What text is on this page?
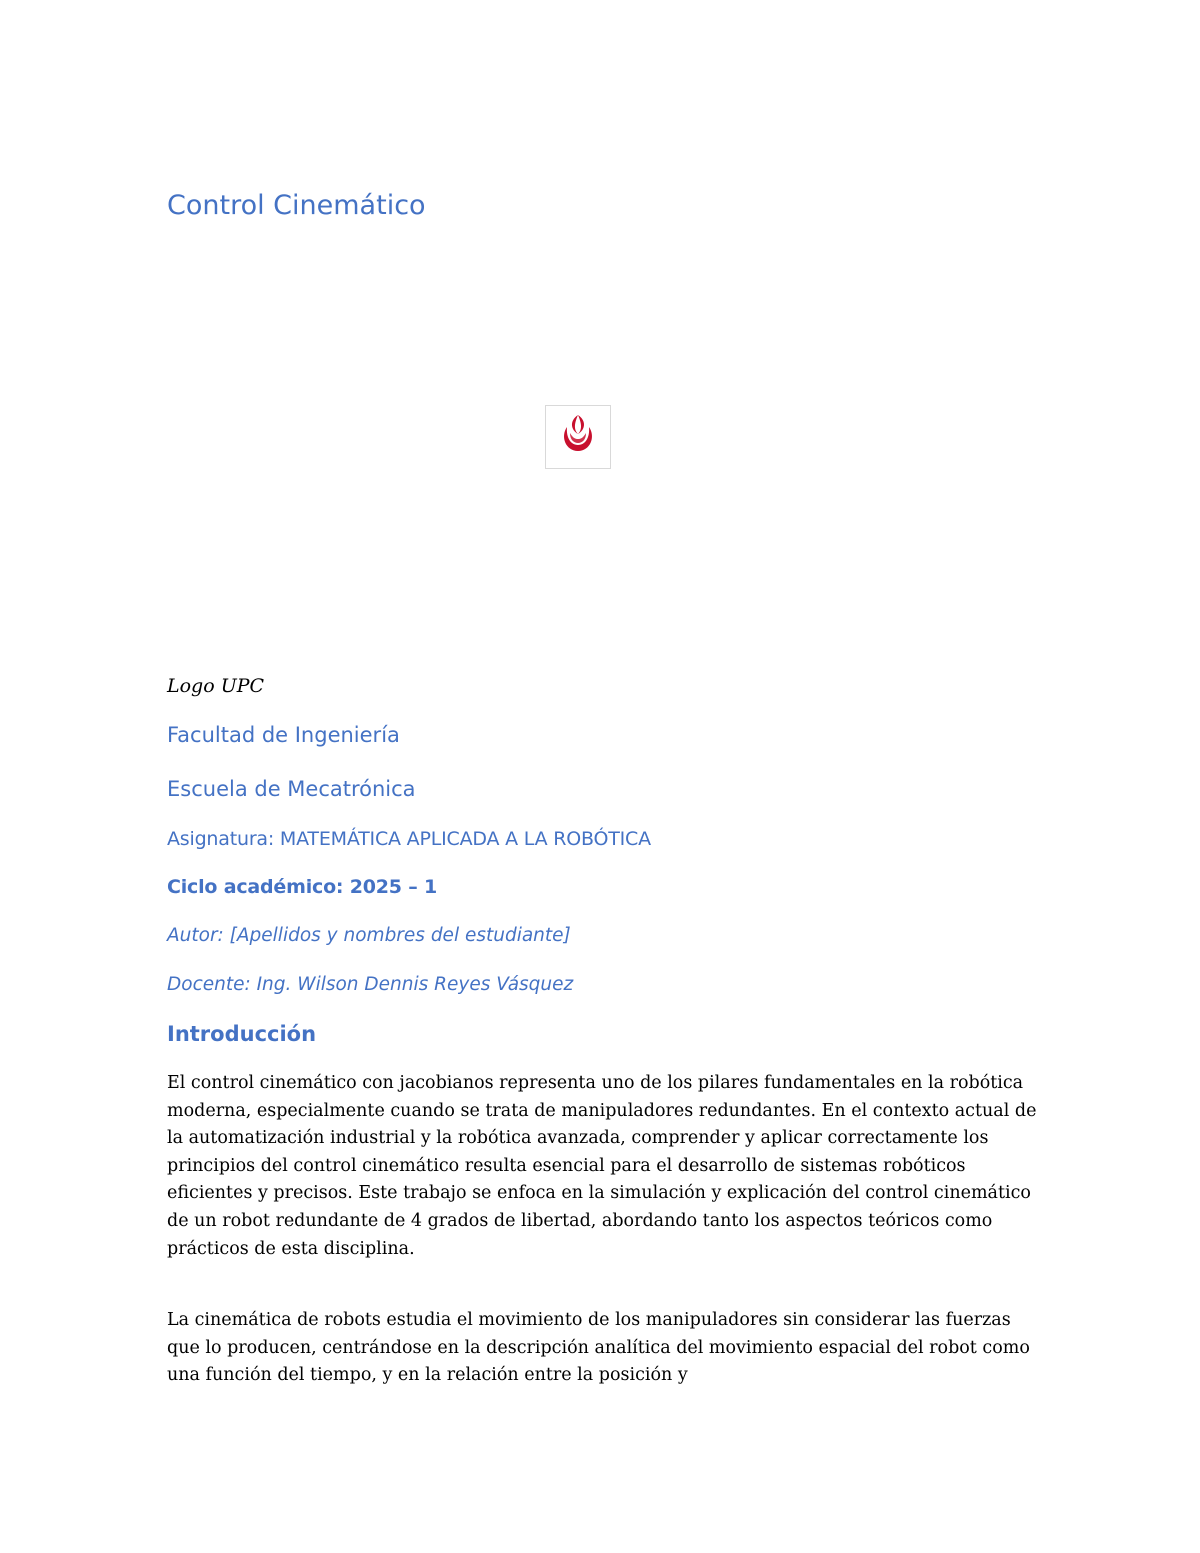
Control Cinemático

Logo UPC

Facultad de Ingeniería

Escuela de Mecatrónica

Asignatura: MATEMÁTICA APLICADA A LA ROBÓTICA

Ciclo académico: 2025 – 1

Autor: [Apellidos y nombres del estudiante]

Docente: Ing. Wilson Dennis Reyes Vásquez

Introducción

El control cinemático con jacobianos representa uno de los pilares fundamentales en la robótica moderna, especialmente cuando se trata de manipuladores redundantes. En el contexto actual de la automatización industrial y la robótica avanzada, comprender y aplicar correctamente los principios del control cinemático resulta esencial para el desarrollo de sistemas robóticos eficientes y precisos. Este trabajo se enfoca en la simulación y explicación del control cinemático de un robot redundante de 4 grados de libertad, abordando tanto los aspectos teóricos como prácticos de esta disciplina.

La cinemática de robots estudia el movimiento de los manipuladores sin considerar las fuerzas que lo producen, centrándose en la descripción analítica del movimiento espacial del robot como una función del tiempo, y en la relación entre la posición y
